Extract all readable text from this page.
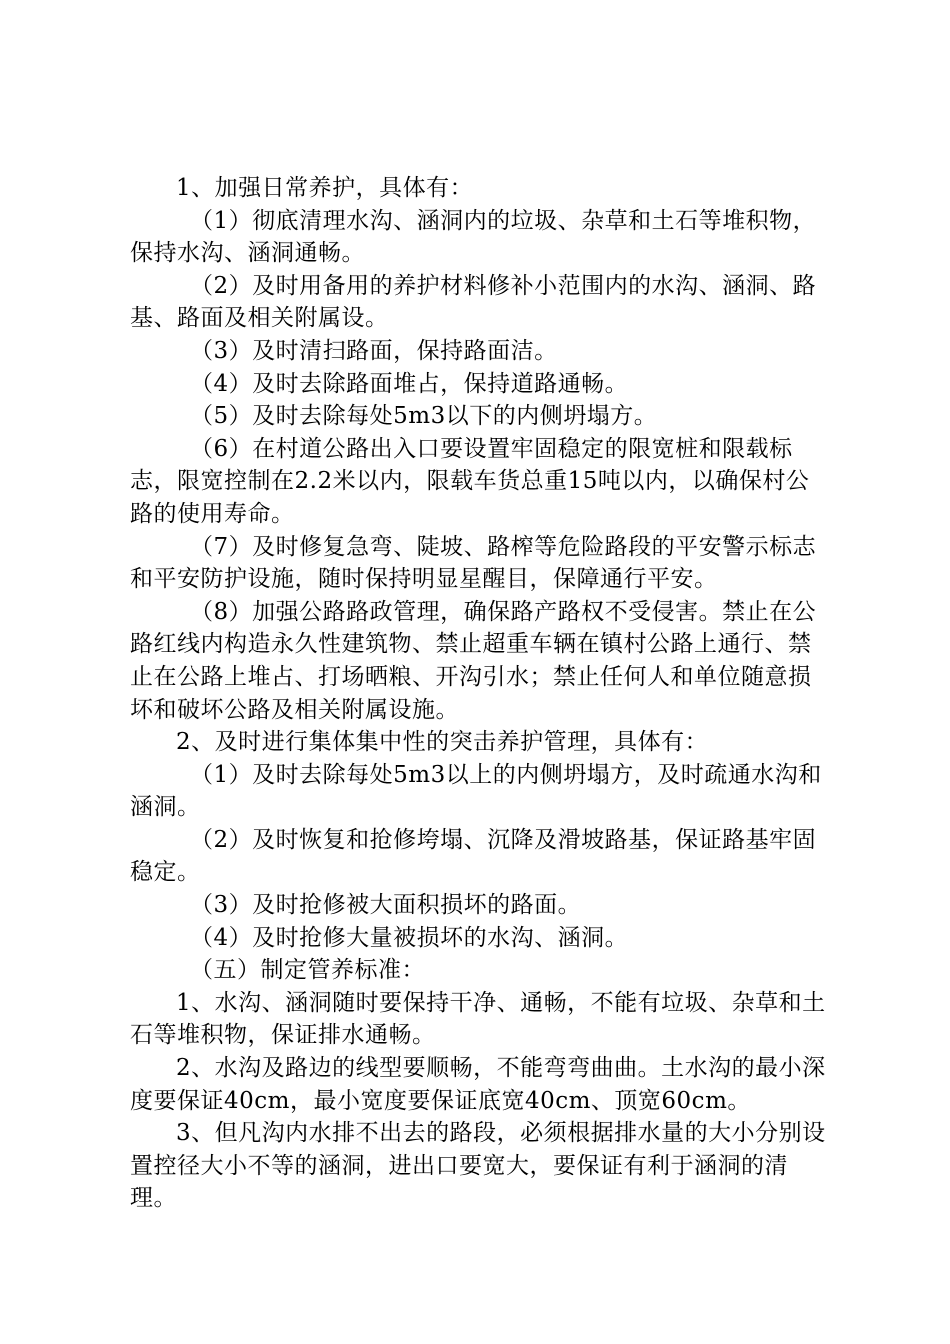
1、加强日常养护，具体有：

（1）彻底清理水沟、涵洞内的垃圾、杂草和土石等堆积物，保持水沟、涵洞通畅。

（2）及时用备用的养护材料修补小范围内的水沟、涵洞、路基、路面及相关附属设。

（3）及时清扫路面，保持路面洁。

（4）及时去除路面堆占，保持道路通畅。

（5）及时去除每处5m3以下的内侧坍塌方。

（6）在村道公路出入口要设置牢固稳定的限宽桩和限载标志，限宽控制在2.2米以内，限载车货总重15吨以内，以确保村公路的使用寿命。

（7）及时修复急弯、陡坡、路榨等危险路段的平安警示标志和平安防护设施，随时保持明显星醒目，保障通行平安。

（8）加强公路路政管理，确保路产路权不受侵害。禁止在公路红线内构造永久性建筑物、禁止超重车辆在镇村公路上通行、禁止在公路上堆占、打场晒粮、开沟引水；禁止任何人和单位随意损坏和破坏公路及相关附属设施。

2、及时进行集体集中性的突击养护管理，具体有：

（1）及时去除每处5m3以上的内侧坍塌方，及时疏通水沟和涵洞。

（2）及时恢复和抢修垮塌、沉降及滑坡路基，保证路基牢固稳定。

（3）及时抢修被大面积损坏的路面。

（4）及时抢修大量被损坏的水沟、涵洞。

（五）制定管养标准：

1、水沟、涵洞随时要保持干净、通畅，不能有垃圾、杂草和土石等堆积物，保证排水通畅。

2、水沟及路边的线型要顺畅，不能弯弯曲曲。土水沟的最小深度要保证40cm，最小宽度要保证底宽40cm、顶宽60cm。

3、但凡沟内水排不出去的路段，必须根据排水量的大小分别设置控径大小不等的涵洞，进出口要宽大，要保证有利于涵洞的清理。
